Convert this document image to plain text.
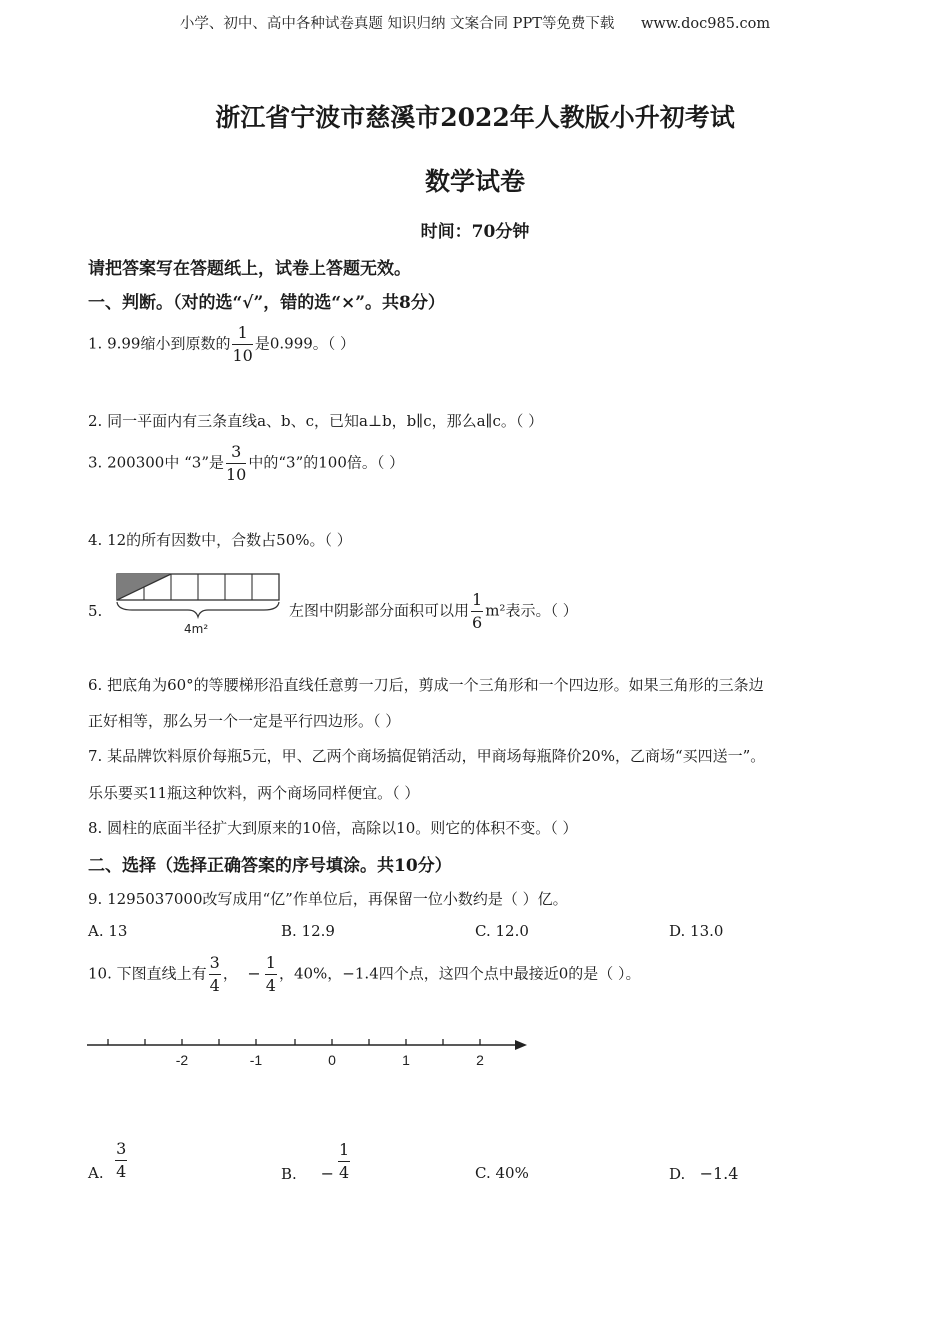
小学、初中、高中各种试卷真题 知识归纳 文案合同 PPT等免费下载 www.doc985.com
浙江省宁波市慈溪市2022年人教版小升初考试
数学试卷
时间：70分钟
请把答案写在答题纸上，试卷上答题无效。
一、判断。（对的选“√”，错的选“×”。共8分）
1. 9.99缩小到原数的 $\frac{1}{10}$ 是0.999。（ ）
2. 同一平面内有三条直线a、b、c，已知a⊥b，b∥c，那么a∥c。（ ）
3. 200300中 “3”是 $\frac{3}{10}$ 中的“3”的100倍。（ ）
4. 12的所有因数中，合数占50%。（ ）
5.
4m²
左图中阴影部分面积可以用 $\frac{1}{6} m^2$表示。（ ）
6. 把底角为60°的等腰梯形沿直线任意剪一刀后，剪成一个三角形和一个四边形。如果三角形的三条边
正好相等，那么另一个一定是平行四边形。（ ）
7. 某品牌饮料原价每瓶5元，甲、乙两个商场搞促销活动，甲商场每瓶降价20%，乙商场“买四送一”。
乐乐要买11瓶这种饮料，两个商场同样便宜。（ ）
8. 圆柱的底面半径扩大到原来的10倍，高除以10。则它的体积不变。（ ）
二、选择（选择正确答案的序号填涂。共10分）
9. 1295037000改写成用“亿”作单位后，再保留一位小数约是（ ）亿。
A. 13	B. 12.9	C. 12.0	D. 13.0
10. 下图直线上有 $\frac{3}{4}$ ， − $\frac{1}{4}$ ，40%，−1.4四个点，这四个点中最接近0的是（ ）。
-2	-1	0	1	2
A. $\frac{3}{4}$	B. − $\frac{1}{4}$	C. 40%	D. −1.4
